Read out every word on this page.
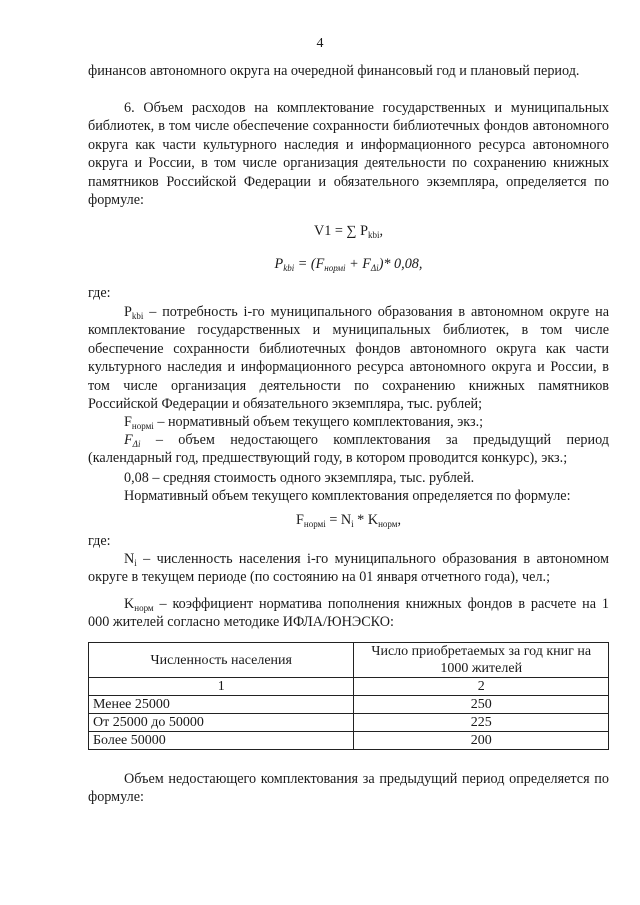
4
финансов автономного округа на очередной финансовый год и плановый период.
6. Объем расходов на комплектование государственных и муниципальных библиотек, в том числе обеспечение сохранности библиотечных фондов автономного округа как части культурного наследия и информационного ресурса автономного округа и России, в том числе организация деятельности по сохранению книжных памятников Российской Федерации и обязательного экземпляра, определяется по формуле:
V1 = ∑ $P_{kbi}$,
$P_{kbi} = (F_{нормі} + F_{\Delta і})*$ 0,08,
где:
$P_{kbi}$ – потребность i-го муниципального образования в автономном округе на комплектование государственных и муниципальных библиотек, в том числе обеспечение сохранности библиотечных фондов автономного округа как части культурного наследия и информационного ресурса автономного округа и России, в том числе организация деятельности по сохранению книжных памятников Российской Федерации и обязательного экземпляра, тыс. рублей;
$F_{нормі}$ – нормативный объем текущего комплектования, экз.;
$F_{\Delta і}$ – объем недостающего комплектования за предыдущий период (календарный год, предшествующий году, в котором проводится конкурс), экз.;
0,08 – средняя стоимость одного экземпляра, тыс. рублей.
Нормативный объем текущего комплектования определяется по формуле:
$F_{нормі} = N_i * K_{норм}$,
где:
$N_i$ – численность населения i-го муниципального образования в автономном округе в текущем периоде (по состоянию на 01 января отчетного года), чел.;
$K_{норм}$ – коэффициент норматива пополнения книжных фондов в расчете на 1 000 жителей согласно методике ИФЛА/ЮНЭСКО:
Численность населения	Число приобретаемых за год книг на 1000 жителей
1	2
Менее 25000	250
От 25000 до 50000	225
Более 50000	200
Объем недостающего комплектования за предыдущий период определяется по формуле:
